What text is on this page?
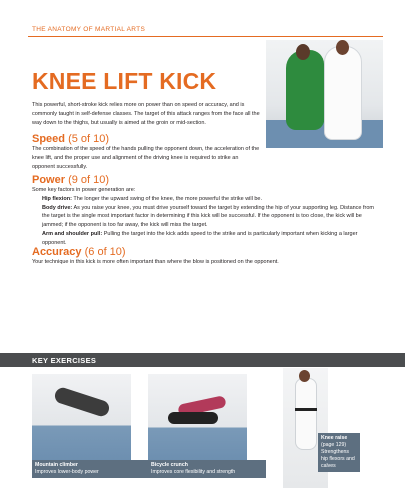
THE ANATOMY OF MARTIAL ARTS
KNEE LIFT KICK
This powerful, short-stroke kick relies more on power than on speed or accuracy, and is commonly taught in self-defense classes. The target of this attack ranges from the face all the way down to the thighs, but usually is aimed at the groin or mid-section.
Speed (5 of 10)
The combination of the speed of the hands pulling the opponent down, the acceleration of the knee lift, and the proper use and alignment of the driving knee is required to strike an opponent successfully.
Power (9 of 10)
Some key factors in power generation are:
Hip flexion: The longer the upward swing of the knee, the more powerful the strike will be.
Body drive: As you raise your knee, you must drive yourself toward the target by extending the hip of your supporting leg. Distance from the target is the single most important factor in determining if this kick will be successful. If the opponent is too close, the kick will be jammed; if the opponent is too far away, the kick will miss the target.
Arm and shoulder pull: Pulling the target into the kick adds speed to the strike and is particularly important when kicking a larger opponent.
Accuracy (6 of 10)
Your technique in this kick is more often important than where the blow is positioned on the opponent.
KEY EXERCISES
Mountain climber
Improves lower-body power
Bicycle crunch
Improves core flexibility and strength
Knee raise
(page 129) Strengthens hip flexors and calves
